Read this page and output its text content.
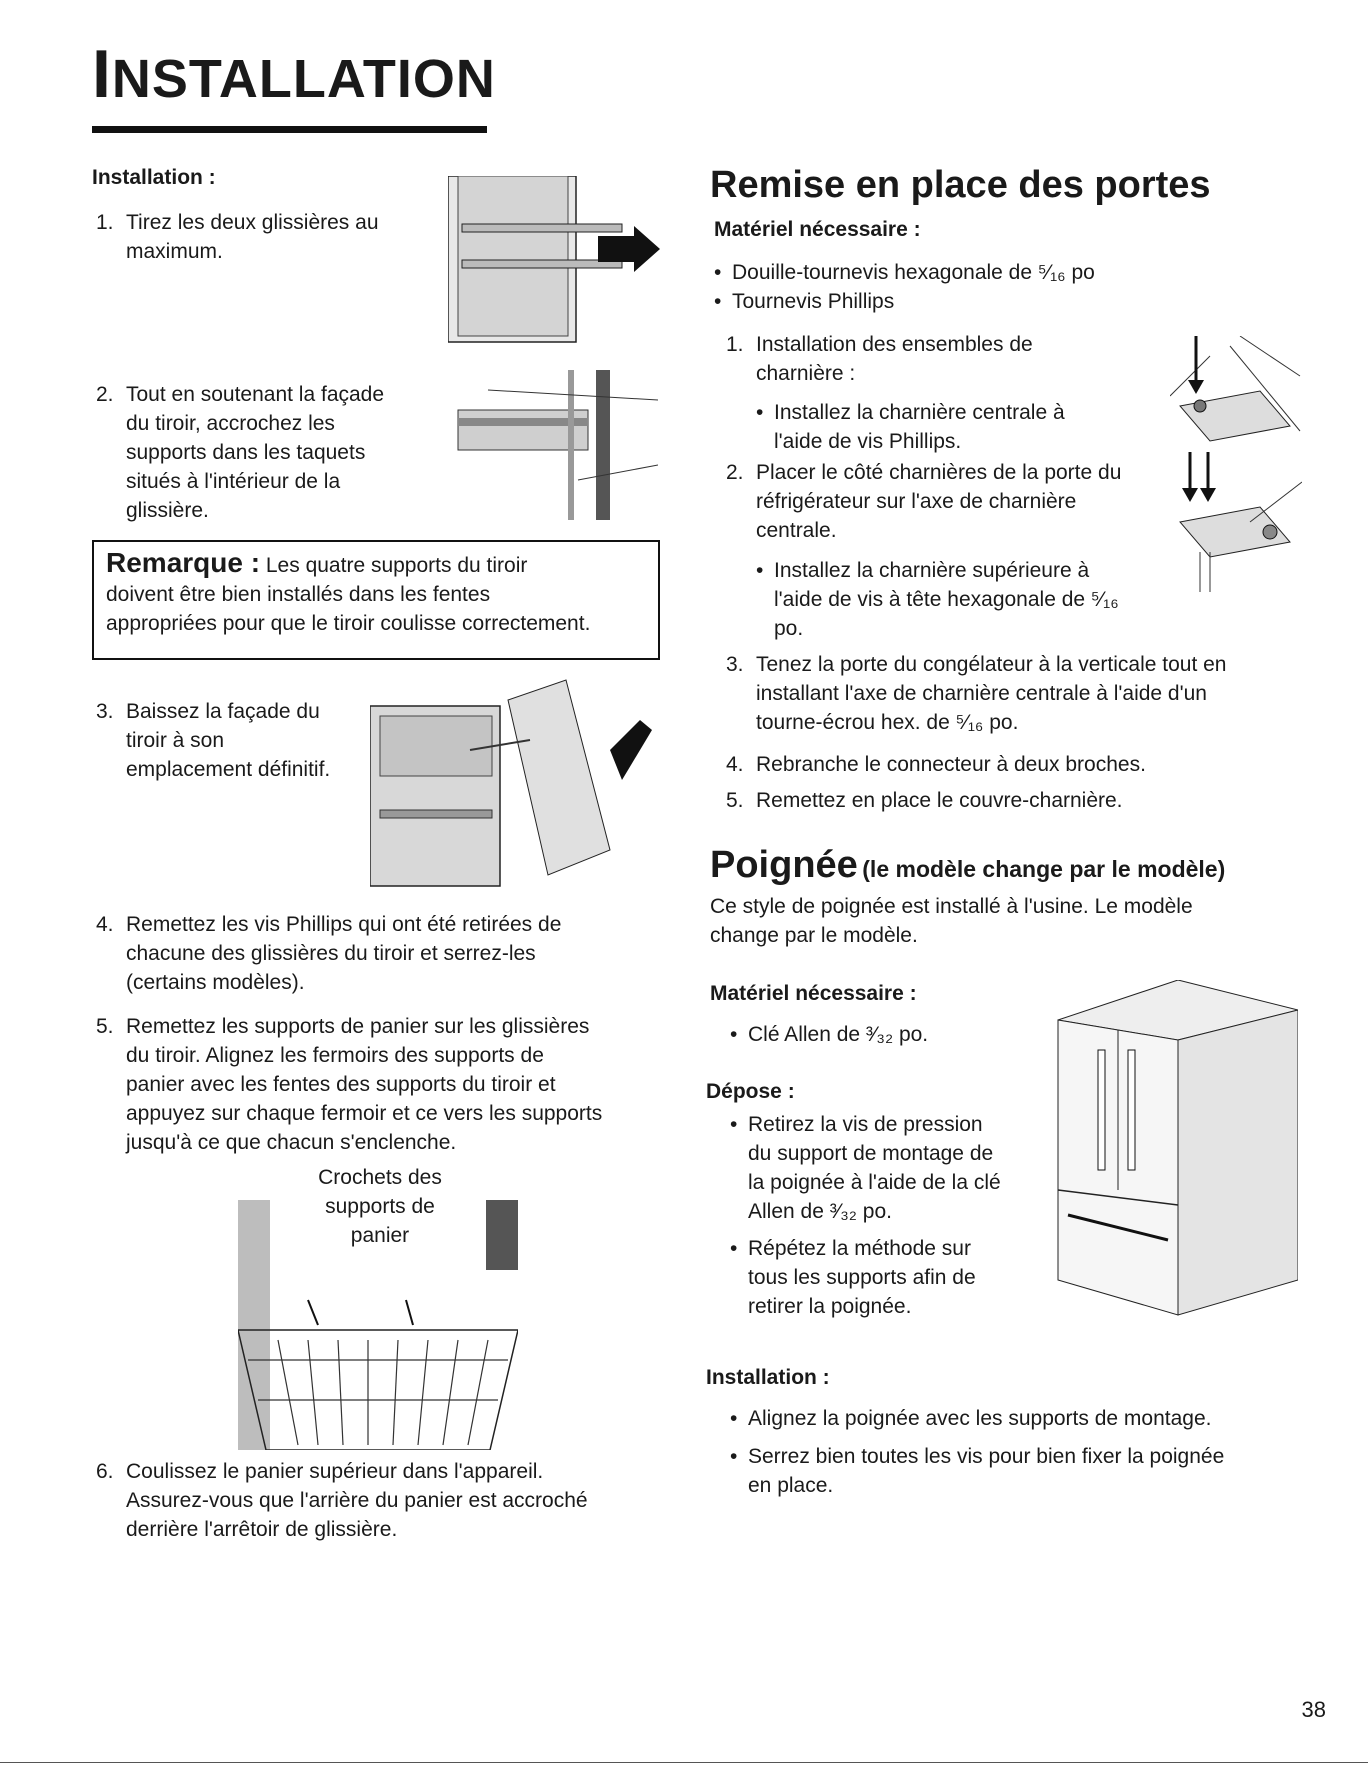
INSTALLATION
Installation :
1. Tirez les deux glissières au
maximum.
2. Tout en soutenant la façade
du tiroir, accrochez les
supports dans les taquets
situés à l'intérieur de la
glissière.
Remarque : Les quatre supports du tiroir
doivent être bien installés dans les fentes
appropriées pour que le tiroir coulisse correctement.
3. Baissez la façade du
tiroir à son
emplacement définitif.
4. Remettez les vis Phillips qui ont été retirées de
chacune des glissières du tiroir et serrez-les
(certains modèles).
5. Remettez les supports de panier sur les glissières
du tiroir. Alignez les fermoirs des supports de
panier avec les fentes des supports du tiroir et
appuyez sur chaque fermoir et ce vers les supports
jusqu'à ce que chacun s'enclenche.
Crochets des
supports de
panier
6. Coulissez le panier supérieur dans l'appareil.
Assurez-vous que l'arrière du panier est accroché
derrière l'arrêtoir de glissière.
Remise en place des portes
Matériel nécessaire :
• Douille-tournevis hexagonale de ⁵⁄₁₆ po
• Tournevis Phillips
1. Installation des ensembles de
charnière :
• Installez la charnière centrale à
l'aide de vis Phillips.
2. Placer le côté charnières de la porte du
réfrigérateur sur l'axe de charnière
centrale.
• Installez la charnière supérieure à
l'aide de vis à tête hexagonale de ⁵⁄₁₆
po.
3. Tenez la porte du congélateur à la verticale tout en
installant l'axe de charnière centrale à l'aide d'un
tourne-écrou hex. de ⁵⁄₁₆ po.
4. Rebranche le connecteur à deux broches.
5. Remettez en place le couvre-charnière.
Poignée (le modèle change par le modèle)
Ce style de poignée est installé à l'usine. Le modèle
change par le modèle.
Matériel nécessaire :
• Clé Allen de ³⁄₃₂ po.
Dépose :
• Retirez la vis de pression
du support de montage de
la poignée à l'aide de la clé
Allen de ³⁄₃₂ po.
• Répétez la méthode sur
tous les supports afin de
retirer la poignée.
Installation :
• Alignez la poignée avec les supports de montage.
• Serrez bien toutes les vis pour bien fixer la poignée
en place.
38
